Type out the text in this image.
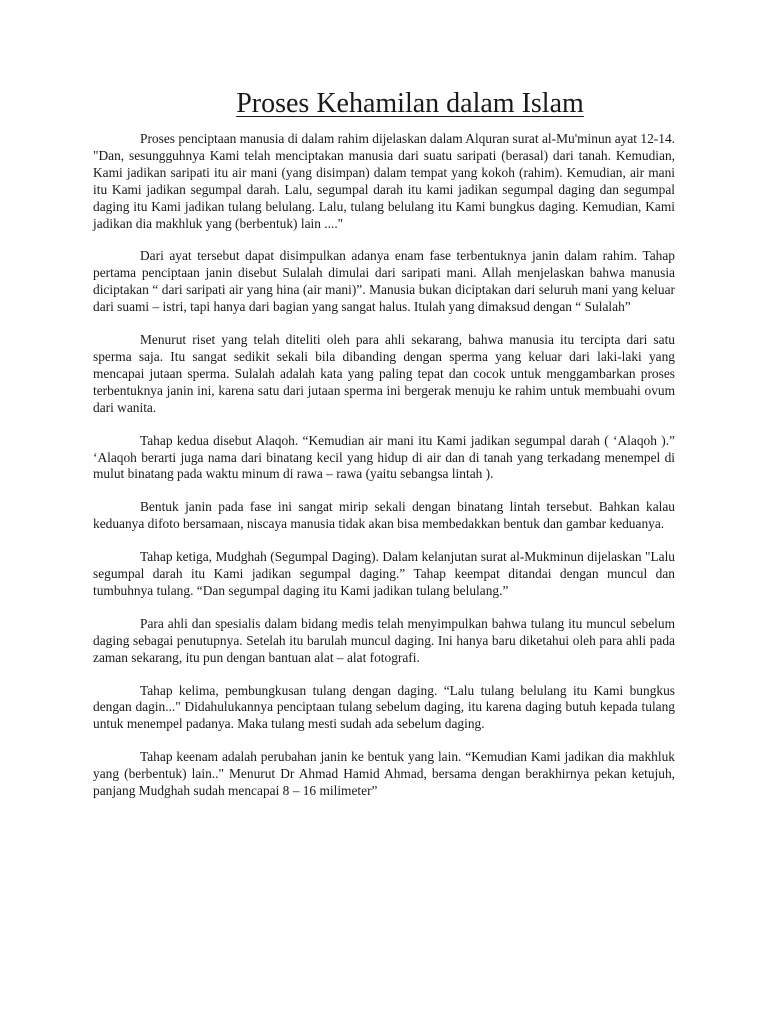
Proses Kehamilan dalam Islam

Proses penciptaan manusia di dalam rahim dijelaskan dalam Alquran surat al-Mu'minun ayat 12-14. "Dan, sesungguhnya Kami telah menciptakan manusia dari suatu saripati (berasal) dari tanah. Kemudian, Kami jadikan saripati itu air mani (yang disimpan) dalam tempat yang kokoh (rahim). Kemudian, air mani itu Kami jadikan segumpal darah. Lalu, segumpal darah itu kami jadikan segumpal daging dan segumpal daging itu Kami jadikan tulang belulang. Lalu, tulang belulang itu Kami bungkus daging. Kemudian, Kami jadikan dia makhluk yang (berbentuk) lain ...."

Dari ayat tersebut dapat disimpulkan adanya enam fase terbentuknya janin dalam rahim. Tahap pertama penciptaan janin disebut Sulalah dimulai dari saripati mani. Allah menjelaskan bahwa manusia diciptakan “ dari saripati air yang hina (air mani)”. Manusia bukan diciptakan dari seluruh mani yang keluar dari suami – istri, tapi hanya dari bagian yang sangat halus. Itulah yang dimaksud dengan “ Sulalah”

Menurut riset yang telah diteliti oleh para ahli sekarang, bahwa manusia itu tercipta dari satu sperma saja. Itu sangat sedikit sekali bila dibanding dengan sperma yang keluar dari laki-laki yang mencapai jutaan sperma. Sulalah adalah kata yang paling tepat dan cocok untuk menggambarkan proses terbentuknya janin ini, karena satu dari jutaan sperma ini bergerak menuju ke rahim untuk membuahi ovum dari wanita.

Tahap kedua disebut Alaqoh. “Kemudian air mani itu Kami jadikan segumpal darah ( ‘Alaqoh ).” ‘Alaqoh berarti juga nama dari binatang kecil yang hidup di air dan di tanah yang terkadang menempel di mulut binatang pada waktu minum di rawa – rawa (yaitu sebangsa lintah ).

Bentuk janin pada fase ini sangat mirip sekali dengan binatang lintah tersebut. Bahkan kalau keduanya difoto bersamaan, niscaya manusia tidak akan bisa membedakkan bentuk dan gambar keduanya.

Tahap ketiga, Mudghah (Segumpal Daging). Dalam kelanjutan surat al-Mukminun dijelaskan "Lalu segumpal darah itu Kami jadikan segumpal daging.” Tahap keempat ditandai dengan muncul dan tumbuhnya tulang. “Dan segumpal daging itu Kami jadikan tulang belulang.”

Para ahli dan spesialis dalam bidang medis telah menyimpulkan bahwa tulang itu muncul sebelum daging sebagai penutupnya. Setelah itu barulah muncul daging. Ini hanya baru diketahui oleh para ahli pada zaman sekarang, itu pun dengan bantuan alat – alat fotografi.

Tahap kelima, pembungkusan tulang dengan daging. “Lalu tulang belulang itu Kami bungkus dengan dagin..." Didahulukannya penciptaan tulang sebelum daging, itu karena daging butuh kepada tulang untuk menempel padanya. Maka tulang mesti sudah ada sebelum daging.

Tahap keenam adalah perubahan janin ke bentuk yang lain. “Kemudian Kami jadikan dia makhluk yang (berbentuk) lain.." Menurut Dr Ahmad Hamid Ahmad, bersama dengan berakhirnya pekan ketujuh, panjang Mudghah sudah mencapai 8 – 16 milimeter”
